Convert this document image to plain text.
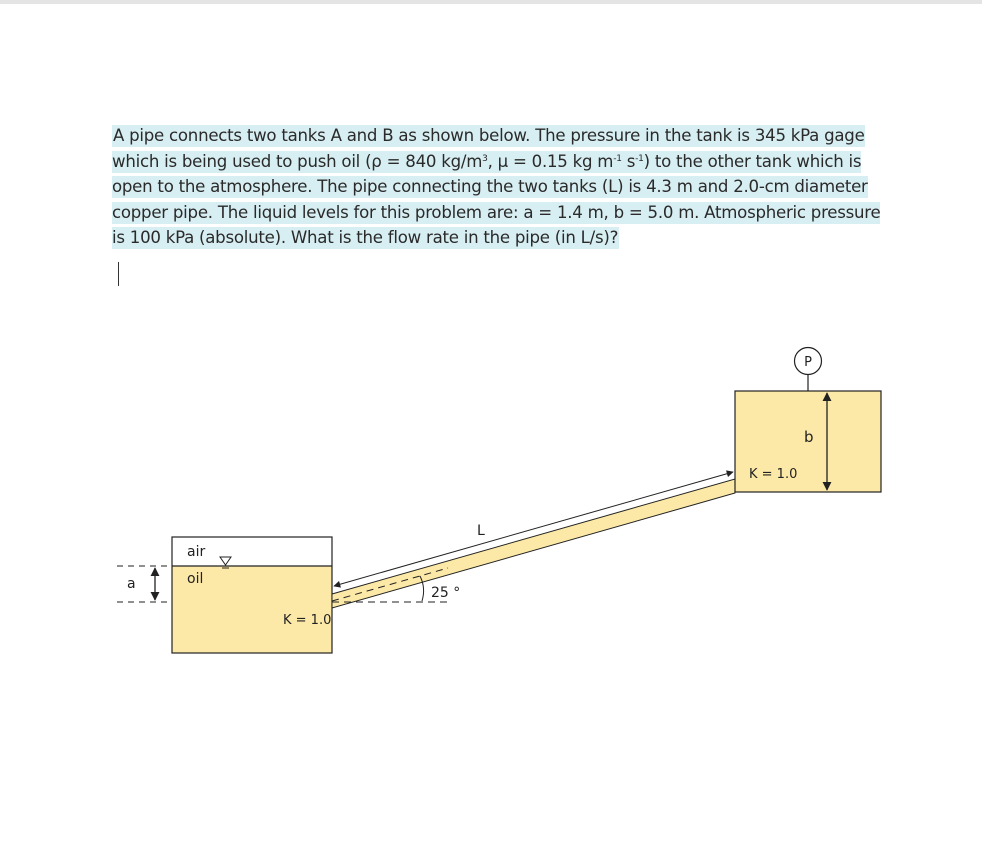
A pipe connects two tanks A and B as shown below. The pressure in the tank is 345 kPa gage which is being used to push oil (ρ = 840 $kg/m^3$, μ = 0.15 kg $m^{-1}$ $s^{-1}$) to the other tank which is open to the atmosphere. The pipe connecting the two tanks (L) is 4.3 m and 2.0-cm diameter copper pipe. The liquid levels for this problem are: a = 1.4 m, b = 5.0 m. Atmospheric pressure is 100 kPa (absolute). What is the flow rate in the pipe (in L/s)?
air
oil
K = 1.0
a
L
25 °
K = 1.0
b
P
